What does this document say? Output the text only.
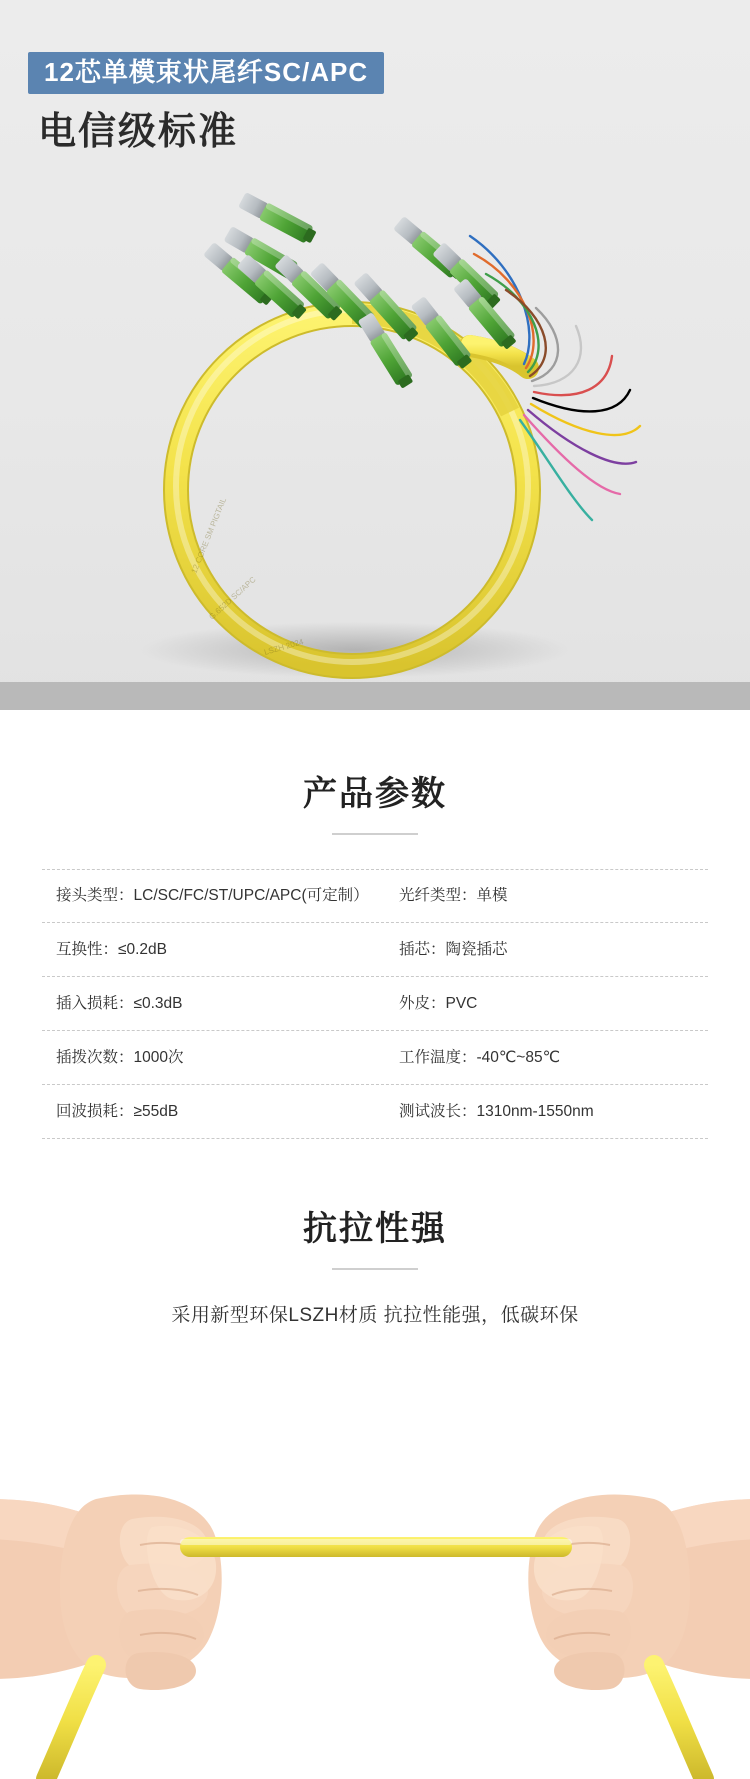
12芯单模束状尾纤SC/APC
电信级标准
12 CORE SM PIGTAIL
G.652D SC/APC
LSZH 2024
产品参数
接头类型：LC/SC/FC/ST/UPC/APC(可定制）	光纤类型：单模
互换性：≤0.2dB	插芯：陶瓷插芯
插入损耗：≤0.3dB	外皮：PVC
插拨次数：1000次	工作温度：-40℃~85℃
回波损耗：≥55dB	测试波长：1310nm-1550nm
抗拉性强
采用新型环保LSZH材质 抗拉性能强，低碳环保
